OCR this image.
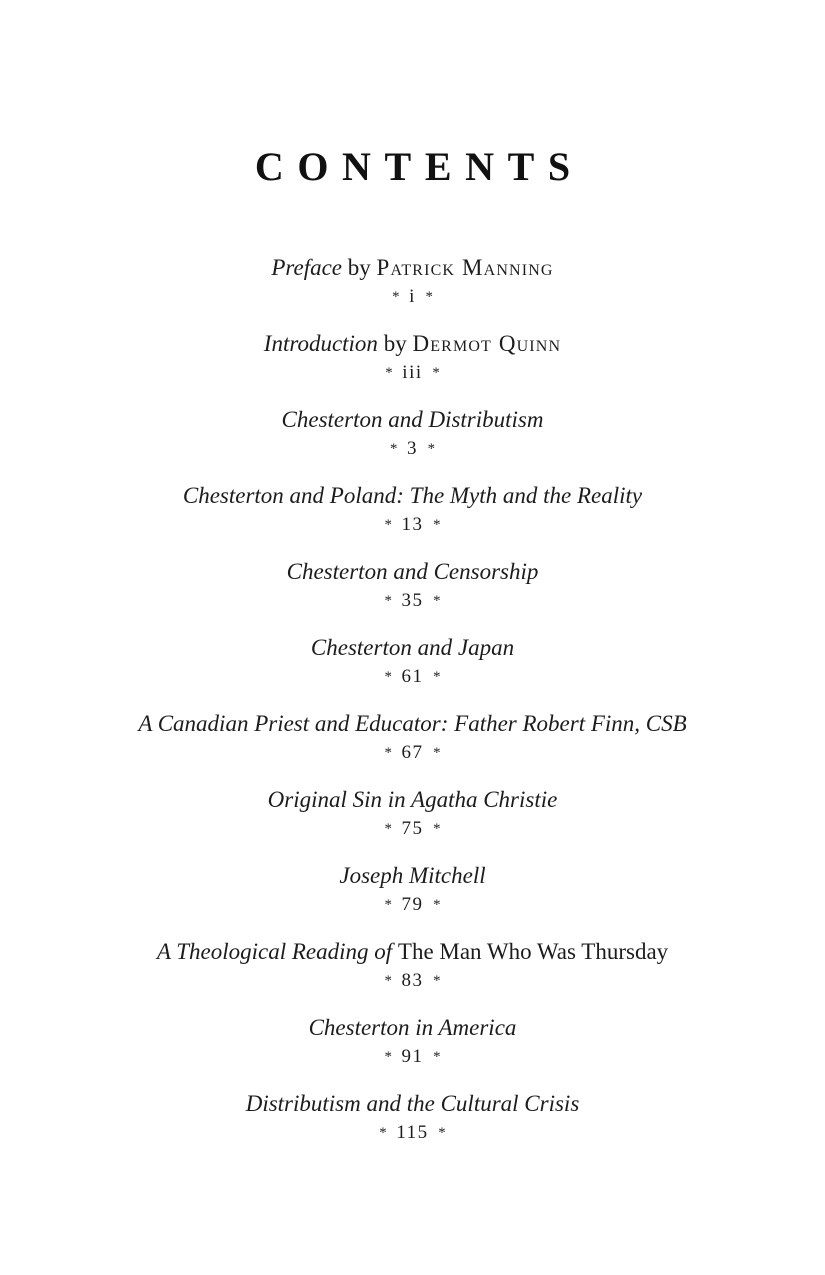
CONTENTS
Preface by Patrick Manning
* i *
Introduction by Dermot Quinn
* iii *
Chesterton and Distributism
* 3 *
Chesterton and Poland: The Myth and the Reality
* 13 *
Chesterton and Censorship
* 35 *
Chesterton and Japan
* 61 *
A Canadian Priest and Educator: Father Robert Finn, CSB
* 67 *
Original Sin in Agatha Christie
* 75 *
Joseph Mitchell
* 79 *
A Theological Reading of The Man Who Was Thursday
* 83 *
Chesterton in America
* 91 *
Distributism and the Cultural Crisis
* 115 *
